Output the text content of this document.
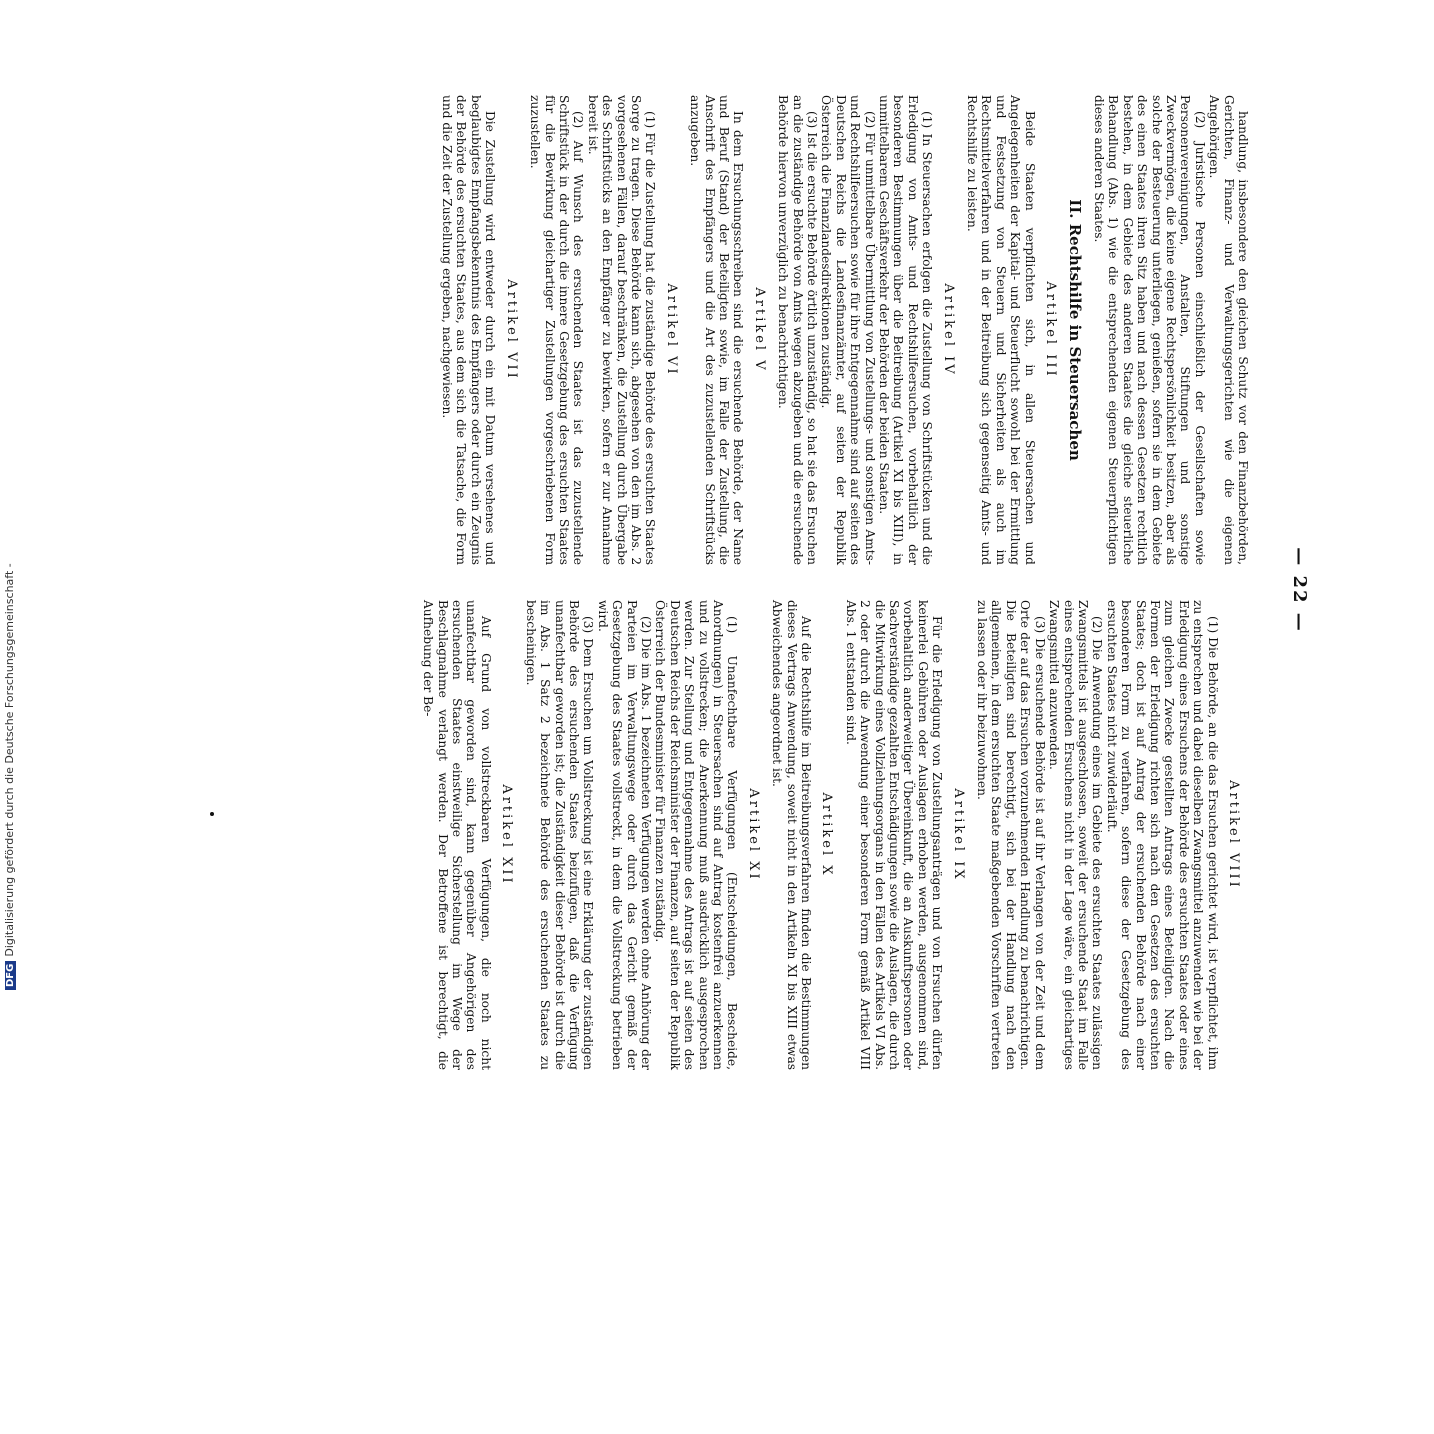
— 22 —

handlung, insbesondere den gleichen Schutz vor den Finanzbehörden, Gerichten, Finanz- und Verwaltungsgerichten wie die eigenen Angehörigen.

(2) Juristische Personen einschließlich der Gesellschaften sowie Personenvereinigungen, Anstalten, Stiftungen und sonstige Zweckvermögen, die keine eigene Rechtspersönlichkeit besitzen, aber als solche der Besteuerung unterliegen, genießen, sofern sie in dem Gebiete des einen Staates ihren Sitz haben und nach dessen Gesetzen rechtlich bestehen, in dem Gebiete des anderen Staates die gleiche steuerliche Behandlung (Abs. 1) wie die entsprechenden eigenen Steuerpflichtigen dieses anderen Staates.

II. Rechtshilfe in Steuersachen
Artikel III

Beide Staaten verpflichten sich, in allen Steuersachen und Angelegenheiten der Kapital- und Steuerflucht sowohl bei der Ermittlung und Festsetzung von Steuern und Sicherheiten als auch im Rechtsmittelverfahren und in der Beitreibung sich gegenseitig Amts- und Rechtshilfe zu leisten.

Artikel IV

(1) In Steuersachen erfolgen die Zustellung von Schriftstücken und die Erledigung von Amts- und Rechtshilfeersuchen, vorbehaltlich der besonderen Bestimmungen über die Beitreibung (Artikel XI bis XIII), in unmittelbarem Geschäftsverkehr der Behörden der beiden Staaten.

(2) Für unmittelbare Übermittlung von Zustellungs- und sonstigen Amts- und Rechtshilfeersuchen sowie für ihre Entgegennahme sind auf seiten des Deutschen Reichs die Landesfinanzämter, auf seiten der Republik Österreich die Finanzlandesdirektionen zuständig.

(3) Ist die ersuchte Behörde örtlich unzuständig, so hat sie das Ersuchen an die zuständige Behörde von Amts wegen abzugeben und die ersuchende Behörde hiervon unverzüglich zu benachrichtigen.

Artikel V

In dem Ersuchungsschreiben sind die ersuchende Behörde, der Name und Beruf (Stand) der Beteiligten sowie, im Falle der Zustellung, die Anschrift des Empfängers und die Art des zuzustellenden Schriftstücks anzugeben.

Artikel VI

(1) Für die Zustellung hat die zuständige Behörde des ersuchten Staates Sorge zu tragen. Diese Behörde kann sich, abgesehen von den im Abs. 2 vorgesehenen Fällen, darauf beschränken, die Zustellung durch Übergabe des Schriftstücks an den Empfänger zu bewirken, sofern er zur Annahme bereit ist.

(2) Auf Wunsch des ersuchenden Staates ist das zuzustellende Schriftstück in der durch die innere Gesetzgebung des ersuchten Staates für die Bewirkung gleichartiger Zustellungen vorgeschriebenen Form zuzustellen.

Artikel VII

Die Zustellung wird entweder durch ein mit Datum versehenes und beglaubigtes Empfangsbekenntnis des Empfängers oder durch ein Zeugnis der Behörde des ersuchten Staates, aus dem sich die Tatsache, die Form und die Zeit der Zustellung ergeben, nachgewiesen.

Artikel VIII

(1) Die Behörde, an die das Ersuchen gerichtet wird, ist verpflichtet, ihm zu entsprechen und dabei dieselben Zwangsmittel anzuwenden wie bei der Erledigung eines Ersuchens der Behörde des ersuchten Staates oder eines zum gleichen Zwecke gestellten Antrags eines Beteiligten. Nach die Formen der Erledigung richten sich nach den Gesetzen des ersuchten Staates; doch ist auf Antrag der ersuchenden Behörde nach einer besonderen Form zu verfahren, sofern diese der Gesetzgebung des ersuchten Staates nicht zuwiderläuft.

(2) Die Anwendung eines im Gebiete des ersuchten Staates zulässigen Zwangsmittels ist ausgeschlossen, soweit der ersuchende Staat im Falle eines entsprechenden Ersuchens nicht in der Lage wäre, ein gleichartiges Zwangsmittel anzuwenden.

(3) Die ersuchende Behörde ist auf ihr Verlangen von der Zeit und dem Orte der auf das Ersuchen vorzunehmenden Handlung zu benachrichtigen. Die Beteiligten sind berechtigt, sich bei der Handlung nach den allgemeinen, in dem ersuchten Staate maßgebenden Vorschriften vertreten zu lassen oder ihr beizuwohnen.

Artikel IX

Für die Erledigung von Zustellungsanträgen und von Ersuchen dürfen keinerlei Gebühren oder Auslagen erhoben werden, ausgenommen sind, vorbehaltlich anderweitiger Übereinkunft, die an Auskunftspersonen oder Sachverständige gezahlten Entschädigungen sowie die Auslagen, die durch die Mitwirkung eines Vollziehungsorgans in den Fällen des Artikels VI Abs. 2 oder durch die Anwendung einer besonderen Form gemäß Artikel VIII Abs. 1 entstanden sind.

Artikel X

Auf die Rechtshilfe im Beitreibungsverfahren finden die Bestimmungen dieses Vertrags Anwendung, soweit nicht in den Artikeln XI bis XIII etwas Abweichendes angeordnet ist.

Artikel XI

(1) Unanfechtbare Verfügungen (Entscheidungen, Bescheide, Anordnungen) in Steuersachen sind auf Antrag kostenfrei anzuerkennen und zu vollstrecken; die Anerkennung muß ausdrücklich ausgesprochen werden. Zur Stellung und Entgegennahme des Antrags ist auf seiten des Deutschen Reichs der Reichsminister der Finanzen, auf seiten der Republik Österreich der Bundesminister für Finanzen zuständig.

(2) Die im Abs. 1 bezeichneten Verfügungen werden ohne Anhörung der Parteien im Verwaltungswege oder durch das Gericht gemäß der Gesetzgebung des Staates vollstreckt, in dem die Vollstreckung betrieben wird.

(3) Dem Ersuchen um Vollstreckung ist eine Erklärung der zuständigen Behörde des ersuchenden Staates beizufügen, daß die Verfügung unanfechtbar geworden ist; die Zuständigkeit dieser Behörde ist durch die im Abs. 1 Satz 2 bezeichnete Behörde des ersuchenden Staates zu bescheinigen.

Artikel XII

Auf Grund von vollstreckbaren Verfügungen, die noch nicht unanfechtbar geworden sind, kann gegenüber Angehörigen des ersuchenden Staates einstweilige Sicherstellung im Wege der Beschlagnahme verlangt werden. Der Betroffene ist berechtigt, die Aufhebung der Be-

DFGDigitalisierung gefördert durch die Deutsche Forschungsgemeinschaft -
